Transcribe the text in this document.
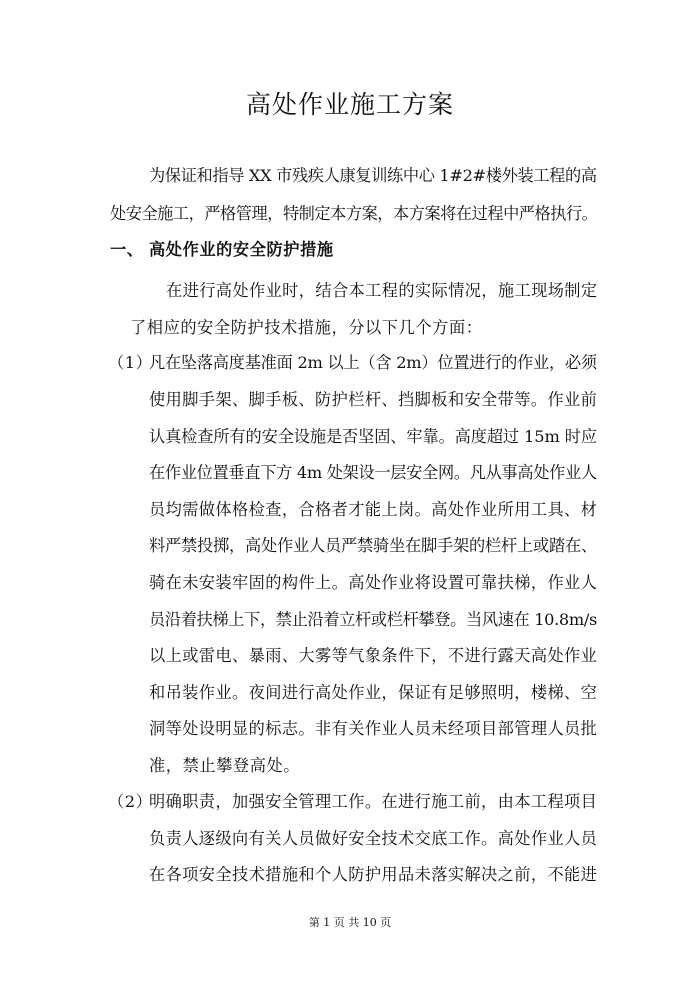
高处作业施工方案
为保证和指导 XX 市残疾人康复训练中心 1#2#楼外装工程的高
处安全施工，严格管理，特制定本方案，本方案将在过程中严格执行。
一、 高处作业的安全防护措施
在进行高处作业时，结合本工程的实际情况，施工现场制定
了相应的安全防护技术措施，分以下几个方面：
（1）
凡在坠落高度基准面 2m 以上（含 2m）位置进行的作业，必须
使用脚手架、脚手板、防护栏杆、挡脚板和安全带等。作业前
认真检查所有的安全设施是否坚固、牢靠。高度超过 15m 时应
在作业位置垂直下方 4m 处架设一层安全网。凡从事高处作业人
员均需做体格检查，合格者才能上岗。高处作业所用工具、材
料严禁投掷，高处作业人员严禁骑坐在脚手架的栏杆上或踏在、
骑在未安装牢固的构件上。高处作业将设置可靠扶梯，作业人
员沿着扶梯上下，禁止沿着立杆或栏杆攀登。当风速在 10.8m/s
以上或雷电、暴雨、大雾等气象条件下，不进行露天高处作业
和吊装作业。夜间进行高处作业，保证有足够照明，楼梯、空
洞等处设明显的标志。非有关作业人员未经项目部管理人员批
准，禁止攀登高处。
（2）
明确职责，加强安全管理工作。在进行施工前，由本工程项目
负责人逐级向有关人员做好安全技术交底工作。高处作业人员
在各项安全技术措施和个人防护用品未落实解决之前，不能进
第 1 页 共 10 页
